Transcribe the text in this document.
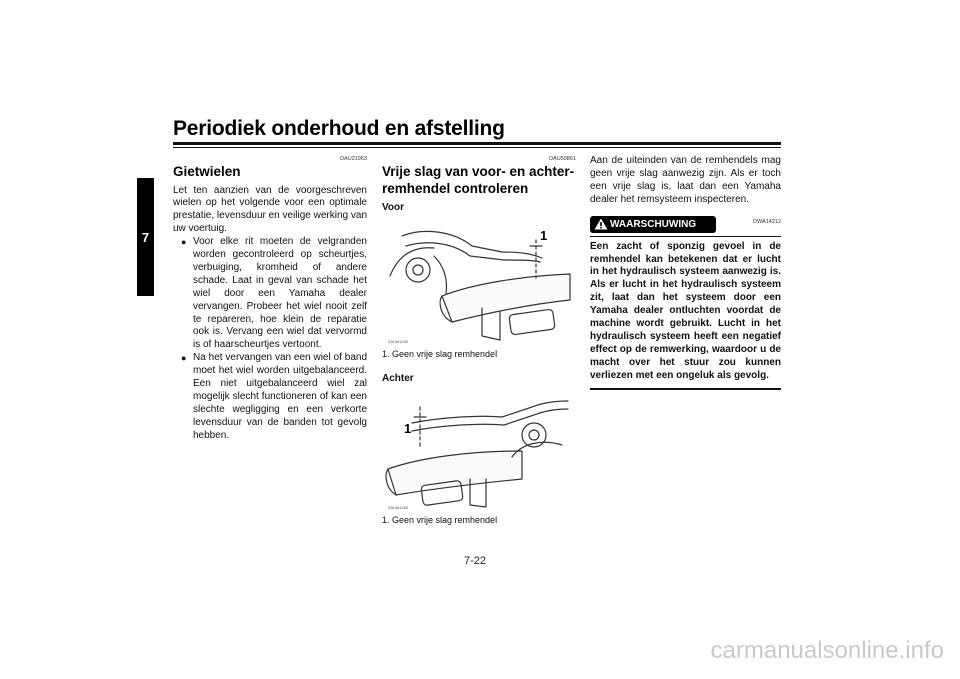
Periodiek onderhoud en afstelling
7
DAU21963
Gietwielen

Let ten aanzien van de voorgeschreven wielen op het volgende voor een optimale prestatie, levensduur en veilige werking van uw voertuig.

● Voor elke rit moeten de velgranden worden gecontroleerd op scheurtjes, verbuiging, kromheid of andere schade. Laat in geval van schade het wiel door een Yamaha dealer vervangen. Probeer het wiel nooit zelf te repareren, hoe klein de reparatie ook is. Vervang een wiel dat vervormd is of haarscheurtjes vertoont.
● Na het vervangen van een wiel of band moet het wiel worden uitgebalanceerd. Een niet uitgebalanceerd wiel zal mogelijk slecht functioneren of kan een slechte wegligging en een verkorte levensduur van de banden tot gevolg hebben.
DAU50861
Vrije slag van voor- en achter-remhendel controleren
Voor
1
ZAUM1430
1. Geen vrije slag remhendel
Achter
1
ZAUM1450
1. Geen vrije slag remhendel

Aan de uiteinden van de remhendels mag geen vrije slag aanwezig zijn. Als er toch een vrije slag is, laat dan een Yamaha dealer het remsysteem inspecteren.

WAARSCHUWING	DWA14212
Een zacht of sponzig gevoel in de remhendel kan betekenen dat er lucht in het hydraulisch systeem aanwezig is. Als er lucht in het hydraulisch systeem zit, laat dan het systeem door een Yamaha dealer ontluchten voordat de machine wordt gebruikt. Lucht in het hydraulisch systeem heeft een negatief effect op de remwerking, waardoor u de macht over het stuur zou kunnen verliezen met een ongeluk als gevolg.
7-22
carmanualsonline.info
